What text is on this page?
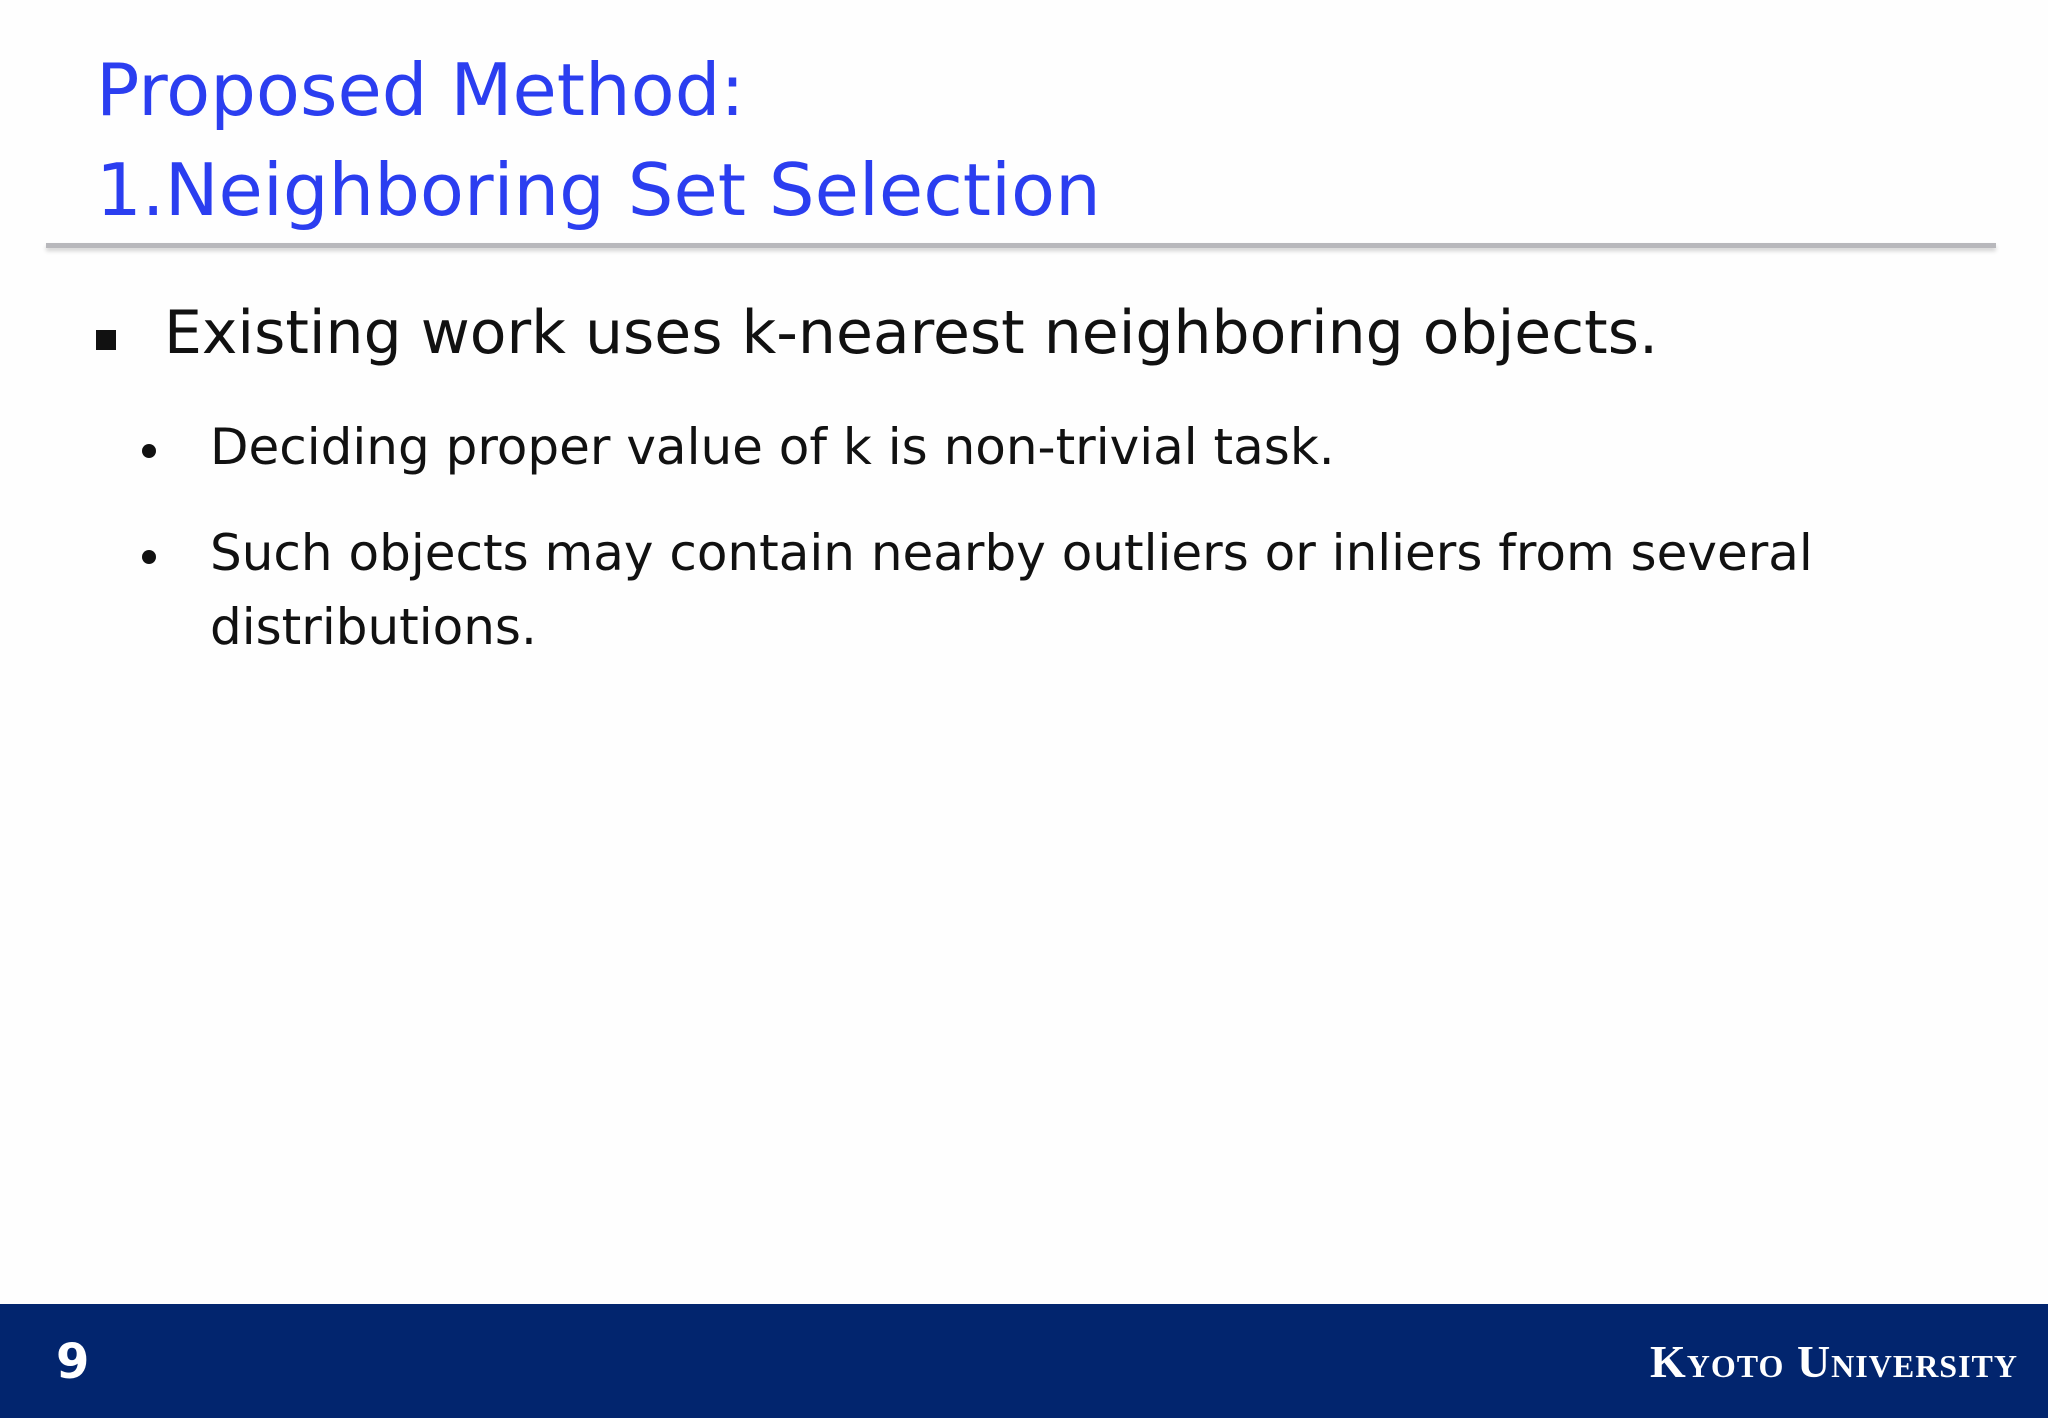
Proposed Method:
1.Neighboring Set Selection
Existing work uses k-nearest neighboring objects.
Deciding proper value of k is non-trivial task.
Such objects may contain nearby outliers or inliers from several distributions.
9	Kyoto University
